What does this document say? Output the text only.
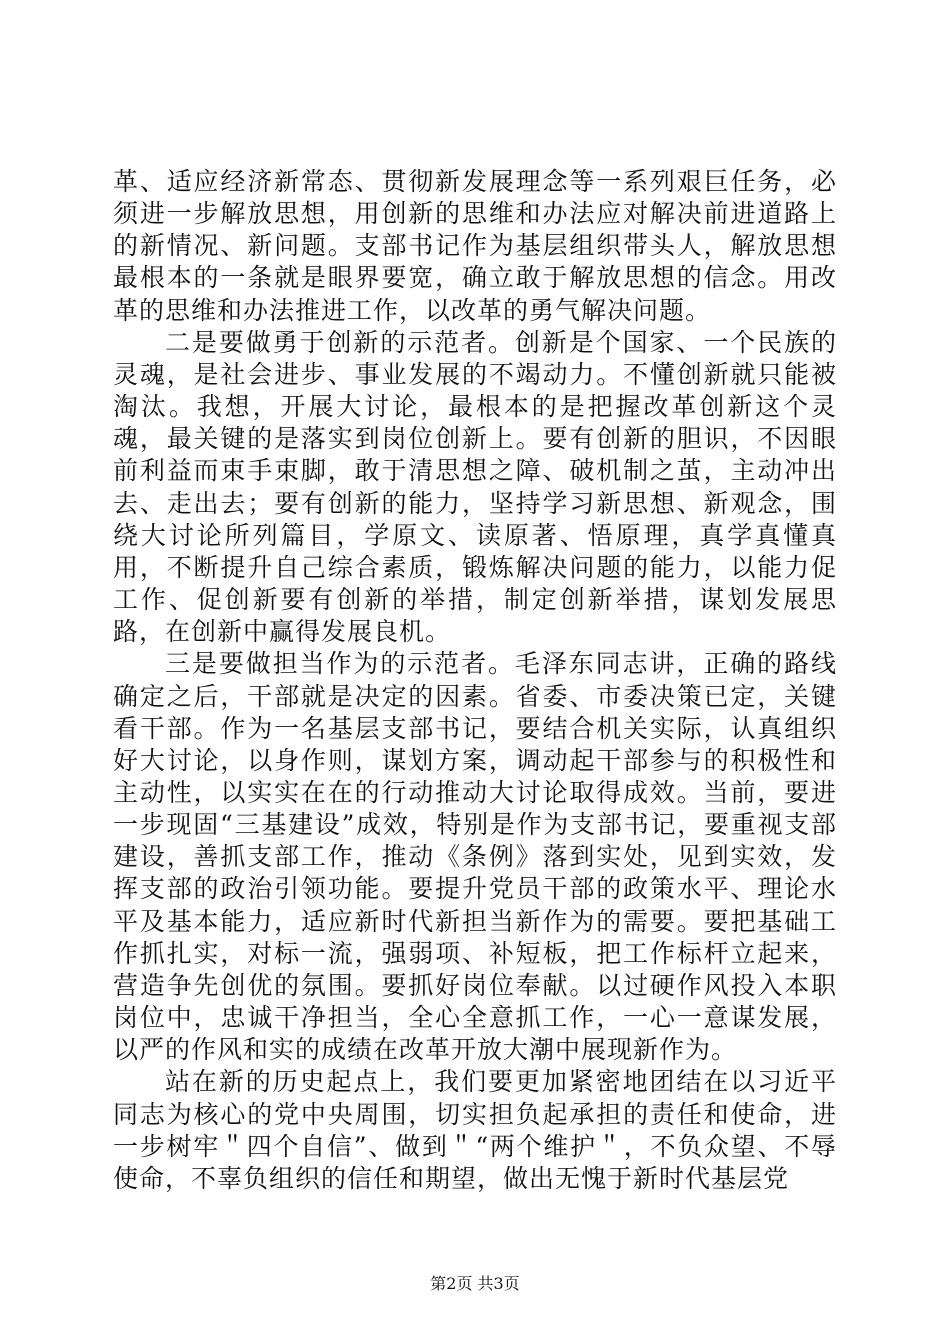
革、适应经济新常态、贯彻新发展理念等一系列艰巨任务，必须进一步解放思想，用创新的思维和办法应对解决前进道路上的新情况、新问题。支部书记作为基层组织带头人，解放思想最根本的一条就是眼界要宽，确立敢于解放思想的信念。用改革的思维和办法推进工作，以改革的勇气解决问题。

二是要做勇于创新的示范者。创新是个国家、一个民族的灵魂，是社会进步、事业发展的不竭动力。不懂创新就只能被淘汰。我想，开展大讨论，最根本的是把握改革创新这个灵魂，最关键的是落实到岗位创新上。要有创新的胆识，不因眼前利益而束手束脚，敢于清思想之障、破机制之茧，主动冲出去、走出去；要有创新的能力，坚持学习新思想、新观念，围绕大讨论所列篇目，学原文、读原著、悟原理，真学真懂真用，不断提升自己综合素质，锻炼解决问题的能力，以能力促工作、促创新要有创新的举措，制定创新举措，谋划发展思路，在创新中赢得发展良机。

三是要做担当作为的示范者。毛泽东同志讲，正确的路线确定之后，干部就是决定的因素。省委、市委决策已定，关键看干部。作为一名基层支部书记，要结合机关实际，认真组织好大讨论，以身作则，谋划方案，调动起干部参与的积极性和主动性，以实实在在的行动推动大讨论取得成效。当前，要进一步现固“三基建设”成效，特别是作为支部书记，要重视支部建设，善抓支部工作，推动《条例》落到实处，见到实效，发挥支部的政治引领功能。要提升党员干部的政策水平、理论水平及基本能力，适应新时代新担当新作为的需要。要把基础工作抓扎实，对标一流，强弱项、补短板，把工作标杆立起来，营造争先创优的氛围。要抓好岗位奉献。以过硬作风投入本职岗位中，忠诚干净担当，全心全意抓工作，一心一意谋发展，以严的作风和实的成绩在改革开放大潮中展现新作为。

站在新的历史起点上，我们要更加紧密地团结在以习近平同志为核心的党中央周围，切实担负起承担的责任和使命，进一步树牢＂四个自信”、做到＂“两个维护＂，不负众望、不辱使命，不辜负组织的信任和期望，做出无愧于新时代基层党

第2页 共3页
